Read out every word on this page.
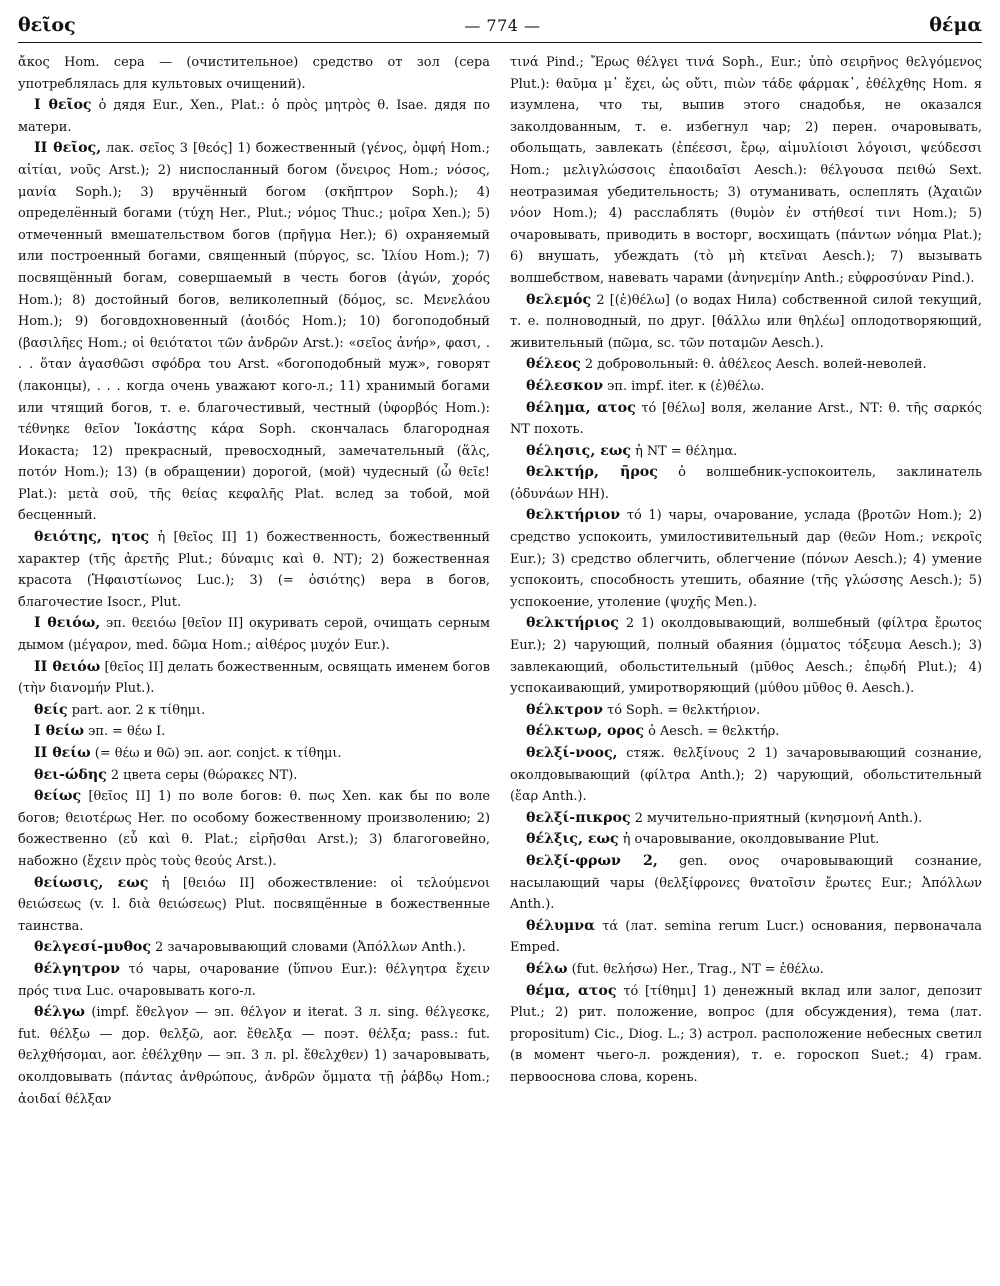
θεῖος	— 774 —	θέμα

ἄκος Hom. сера — (очистительное) средство от зол (сера употреблялась для культовых очищений).

I θεῖος ὁ дядя Eur., Xen., Plat.: ὁ πρὸς μητρὸς θ. Isae. дядя по матери.

II θεῖος, лак. σεῖος 3 [θεός] 1) божественный (γένος, ὀμφή Hom.; αἰτίαι, νοῦς Arst.); 2) ниспосланный богом (ὄνειρος Hom.; νόσος, μανία Soph.); 3) вручённый богом (σκῆπτρον Soph.); 4) определённый богами (τύχη Her., Plut.; νόμος Thuc.; μοῖρα Xen.); 5) отмеченный вмешательством богов (πρῆγμα Her.); 6) охраняемый или построенный богами, священный (πύργος, sc. Ἰλίου Hom.); 7) посвящённый богам, совершаемый в честь богов (ἀγών, χορός Hom.); 8) достойный богов, великолепный (δόμος, sc. Μενελάου Hom.); 9) боговдохновенный (ἀοιδός Hom.); 10) богоподобный (βασιλῆες Hom.; οἱ θειότατοι τῶν ἀνδρῶν Arst.): «σεῖος ἀνήρ», φασι, . . . ὅταν ἀγασθῶσι σφόδρα του Arst. «богоподобный муж», говорят (лаконцы), . . . когда очень уважают кого-л.; 11) хранимый богами или чтящий богов, т. е. благочестивый, честный (ὑφορβός Hom.): τέθνηκε θεῖον Ἰοκάστης κάρα Soph. скончалась благородная Иокаста; 12) прекрасный, превосходный, замечательный (ἅλς, ποτόν Hom.); 13) (в обращении) дорогой, (мой) чудесный (ὦ θεῖε! Plat.): μετὰ σοῦ, τῆς θείας κεφαλῆς Plat. вслед за тобой, мой бесценный.

θειότης, ητος ἡ [θεῖος II] 1) божественность, божественный характер (τῆς ἀρετῆς Plut.; δύναμις καὶ θ. NT); 2) божественная красота (Ἡφαιστίωνος Luc.); 3) (= ὁσιότης) вера в богов, благочестие Isocr., Plut.

I θειόω, эп. θεειόω [θεῖον II] окуривать серой, очищать серным дымом (μέγαρον, med. δῶμα Hom.; αἰθέρος μυχόν Eur.).

II θειόω [θεῖος II] делать божественным, освящать именем богов (τὴν διανομήν Plut.).

θείς part. aor. 2 к τίθημι.

I θείω эп. = θέω I.

II θείω (= θέω и θῶ) эп. aor. conjct. к τίθημι.

θει-ώδης 2 цвета серы (θώρακες NT).

θείως [θεῖος II] 1) по воле богов: θ. πως Xen. как бы по воле богов; θειοτέρως Her. по особому божественному произволению; 2) божественно (εὖ καὶ θ. Plat.; εἰρῆσθαι Arst.); 3) благоговейно, набожно (ἔχειν πρὸς τοὺς θεούς Arst.).

θείωσις, εως ἡ [θειόω II] обожествление: οἱ τελούμενοι θειώσεως (v. l. διὰ θειώσεως) Plut. посвящённые в божественные таинства.

θελγεσί-μυθος 2 зачаровывающий словами (Ἀπόλλων Anth.).

θέλγητρον τό чары, очарование (ὕπνου Eur.): θέλγητρα ἔχειν πρός τινα Luc. очаровывать кого-л.

θέλγω (impf. ἔθελγον — эп. θέλγον и iterat. 3 л. sing. θέλγεσκε, fut. θέλξω — дор. θελξῶ, aor. ἔθελξα — поэт. θέλξα; pass.: fut. θελχθήσομαι, aor. ἐθέλχθην — эп. 3 л. pl. ἔθελχθεν) 1) зачаровывать, околдовывать (πάντας ἀνθρώπους, ἀνδρῶν ὄμματα τῇ ῥάβδῳ Hom.; ἀοιδαί θέλξαν

τινά Pind.; Ἔρως θέλγει τινά Soph., Eur.; ὑπὸ σειρῆνος θελγόμενος Plut.): θαῦμα μ᾽ ἔχει, ὡς οὔτι, πιὼν τάδε φάρμακ᾽, ἐθέλχθης Hom. я изумлена, что ты, выпив этого снадобья, не оказался заколдованным, т. е. избегнул чар; 2) перен. очаровывать, обольщать, завлекать (ἐπέεσσι, ἔρῳ, αἱμυλίοισι λόγοισι, ψεύδεσσι Hom.; μελιγλώσσοις ἐπαοιδαῖσι Aesch.): θέλγουσα πειθώ Sext. неотразимая убедительность; 3) отуманивать, ослеплять (Ἀχαιῶν νόον Hom.); 4) расслаблять (θυμὸν ἐν στήθεσί τινι Hom.); 5) очаровывать, приводить в восторг, восхищать (πάντων νόημα Plat.); 6) внушать, убеждать (τὸ μὴ κτεῖναι Aesch.); 7) вызывать волшебством, навевать чарами (ἀνηνεμίην Anth.; εὐφροσύναν Pind.).

θελεμός 2 [(ἐ)θέλω] (о водах Нила) собственной силой текущий, т. е. полноводный, по друг. [θάλλω или θηλέω] оплодотворяющий, живительный (πῶμα, sc. τῶν ποταμῶν Aesch.).

θέλεος 2 добровольный: θ. ἀθέλεος Aesch. волей-неволей.

θέλεσκον эп. impf. iter. к (ἐ)θέλω.

θέλημα, ατος τό [θέλω] воля, желание Arst., NT: θ. τῆς σαρκός NT похоть.

θέλησις, εως ἡ NT = θέλημα.

θελκτήρ, ῆρος ὁ волшебник-успокоитель, заклинатель (ὀδυνάων HH).

θελκτήριον τό 1) чары, очарование, услада (βροτῶν Hom.); 2) средство успокоить, умилостивительный дар (θεῶν Hom.; νεκροῖς Eur.); 3) средство облегчить, облегчение (πόνων Aesch.); 4) умение успокоить, способность утешить, обаяние (τῆς γλώσσης Aesch.); 5) успокоение, утоление (ψυχῆς Men.).

θελκτήριος 2 1) околдовывающий, волшебный (φίλτρα ἔρωτος Eur.); 2) чарующий, полный обаяния (ὀμματος τόξευμα Aesch.); 3) завлекающий, обольстительный (μῦθος Aesch.; ἐπῳδή Plut.); 4) успокаивающий, умиротворяющий (μύθου μῦθος θ. Aesch.).

θέλκτρον τό Soph. = θελκτήριον.

θέλκτωρ, ορος ὁ Aesch. = θελκτήρ.

θελξί-νοος, стяж. θελξίνους 2 1) зачаровывающий сознание, околдовывающий (φίλτρα Anth.); 2) чарующий, обольстительный (ἔαρ Anth.).

θελξί-πικρος 2 мучительно-приятный (κνησμονή Anth.).

θέλξις, εως ἡ очаровывание, околдовывание Plut.

θελξί-φρων 2, gen. ονος очаровывающий сознание, насылающий чары (θελξίφρονες θνατοῖσιν ἔρωτες Eur.; Ἀπόλλων Anth.).

θέλυμνα τά (лат. semina rerum Lucr.) основания, первоначала Emped.

θέλω (fut. θελήσω) Her., Trag., NT = ἐθέλω.

θέμα, ατος τό [τίθημι] 1) денежный вклад или залог, депозит Plut.; 2) рит. положение, вопрос (для обсуждения), тема (лат. propositum) Cic., Diog. L.; 3) астрол. расположение небесных светил (в момент чьего-л. рождения), т. е. гороскоп Suet.; 4) грам. первооснова слова, корень.
